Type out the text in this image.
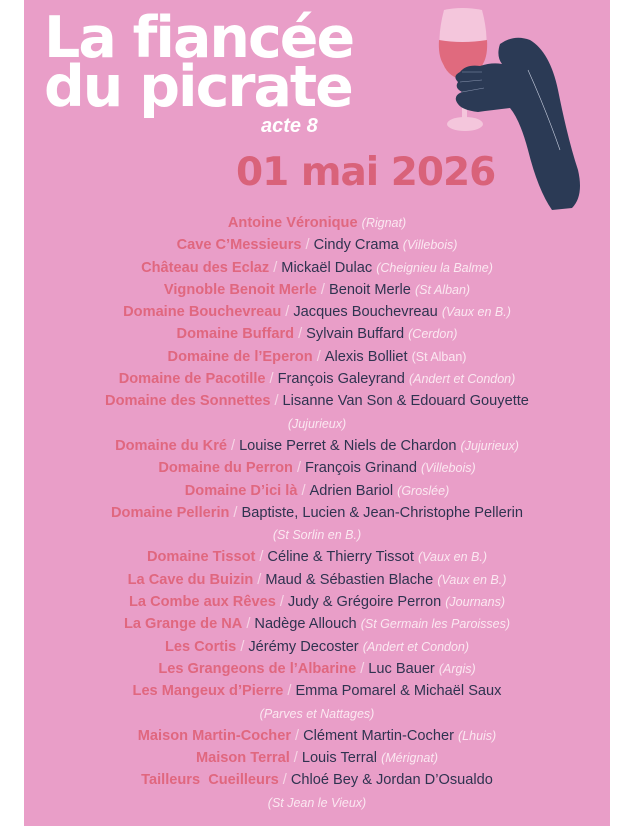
La fiancée
du picrate
acte 8
01 mai 2026
Antoine Véronique (Rignat)
Cave C’Messieurs / Cindy Crama (Villebois)
Château des Eclaz / Mickaël Dulac (Cheignieu la Balme)
Vignoble Benoit Merle / Benoit Merle (St Alban)
Domaine Bouchevreau / Jacques Bouchevreau (Vaux en B.)
Domaine Buffard / Sylvain Buffard (Cerdon)
Domaine de l’Eperon / Alexis Bolliet (St Alban)
Domaine de Pacotille / François Galeyrand (Andert et Condon)
Domaine des Sonnettes / Lisanne Van Son & Edouard Gouyette
(Jujurieux)
Domaine du Kré / Louise Perret & Niels de Chardon (Jujurieux)
Domaine du Perron / François Grinand (Villebois)
Domaine D’ici là / Adrien Bariol (Groslée)
Domaine Pellerin / Baptiste, Lucien & Jean-Christophe Pellerin
(St Sorlin en B.)
Domaine Tissot / Céline & Thierry Tissot (Vaux en B.)
La Cave du Buizin / Maud & Sébastien Blache (Vaux en B.)
La Combe aux Rêves / Judy & Grégoire Perron (Journans)
La Grange de NA / Nadège Allouch (St Germain les Paroisses)
Les Cortis / Jérémy Decoster (Andert et Condon)
Les Grangeons de l’Albarine / Luc Bauer (Argis)
Les Mangeux d’Pierre / Emma Pomarel & Michaël Saux
(Parves et Nattages)
Maison Martin-Cocher / Clément Martin-Cocher (Lhuis)
Maison Terral / Louis Terral (Mérignat)
Tailleurs  Cueilleurs / Chloé Bey & Jordan D’Osualdo
(St Jean le Vieux)
